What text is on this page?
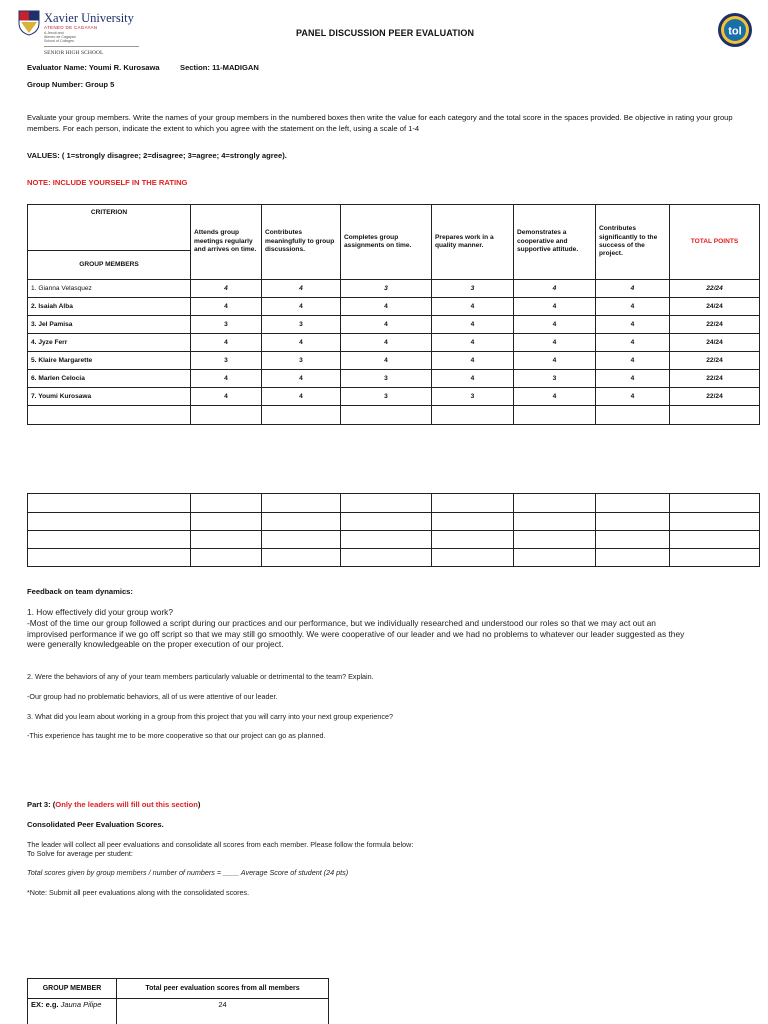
Xavier University
ATENEO DE CAGAYAN
A Jesuit and
Ateneo de Cagayan
School of Colleges
SENIOR HIGH SCHOOL
PANEL DISCUSSION PEER EVALUATION	tol
Evaluator Name: Youmi R. Kurosawa	Section: 11-MADIGAN
Group Number: Group 5
Evaluate your group members. Write the names of your group members in the numbered boxes then write the value for each category and the total score in the spaces provided. Be objective in rating your group members. For each person, indicate the extent to which you agree with the statement on the left, using a scale of 1-4
VALUES: ( 1=strongly disagree; 2=disagree; 3=agree; 4=strongly agree).
NOTE: INCLUDE YOURSELF IN THE RATING
CRITERION	Attends group meetings regularly and arrives on time.	Contributes meaningfully to group discussions.	Completes group assignments on time.	Prepares work in a quality manner.	Demonstrates a cooperative and supportive attitude.	Contributes significantly to the success of the project.	TOTAL POINTS
GROUP MEMBERS							
1. Gianna Velasquez	4	4	3	3	4	4	22/24
2. Isaiah Alba	4	4	4	4	4	4	24/24
3. Jel Pamisa	3	3	4	4	4	4	22/24
4. Jyze Ferr	4	4	4	4	4	4	24/24
5. Klaire Margarette	3	3	4	4	4	4	22/24
6. Marlen Celocia	4	4	3	4	3	4	22/24
7. Youmi Kurosawa	4	4	3	3	4	4	22/24

Feedback on team dynamics:
1. How effectively did your group work?
-Most of the time our group followed a script during our practices and our performance, but we individually researched and understood our roles so that we may act out an improvised performance if we go off script so that we may still go smoothly. We were cooperative of our leader and we had no problems to whatever our leader suggested as they were generally knowledgeable on the proper execution of our project.
2. Were the behaviors of any of your team members particularly valuable or detrimental to the team? Explain.
-Our group had no problematic behaviors, all of us were attentive of our leader.
3. What did you learn about working in a group from this project that you will carry into your next group experience?
-This experience has taught me to be more cooperative so that our project can go as planned.
Part 3: (Only the leaders will fill out this section)
Consolidated Peer Evaluation Scores.
The leader will collect all peer evaluations and consolidate all scores from each member. Please follow the formula below:
To Solve for average per student:
Total scores given by group members / number of numbers = ____ Average Score of student (24 pts)
*Note: Submit all peer evaluations along with the consolidated scores.
GROUP MEMBER	Total peer evaluation scores from all members
EX: e.g. Jauna Pilipe	24
